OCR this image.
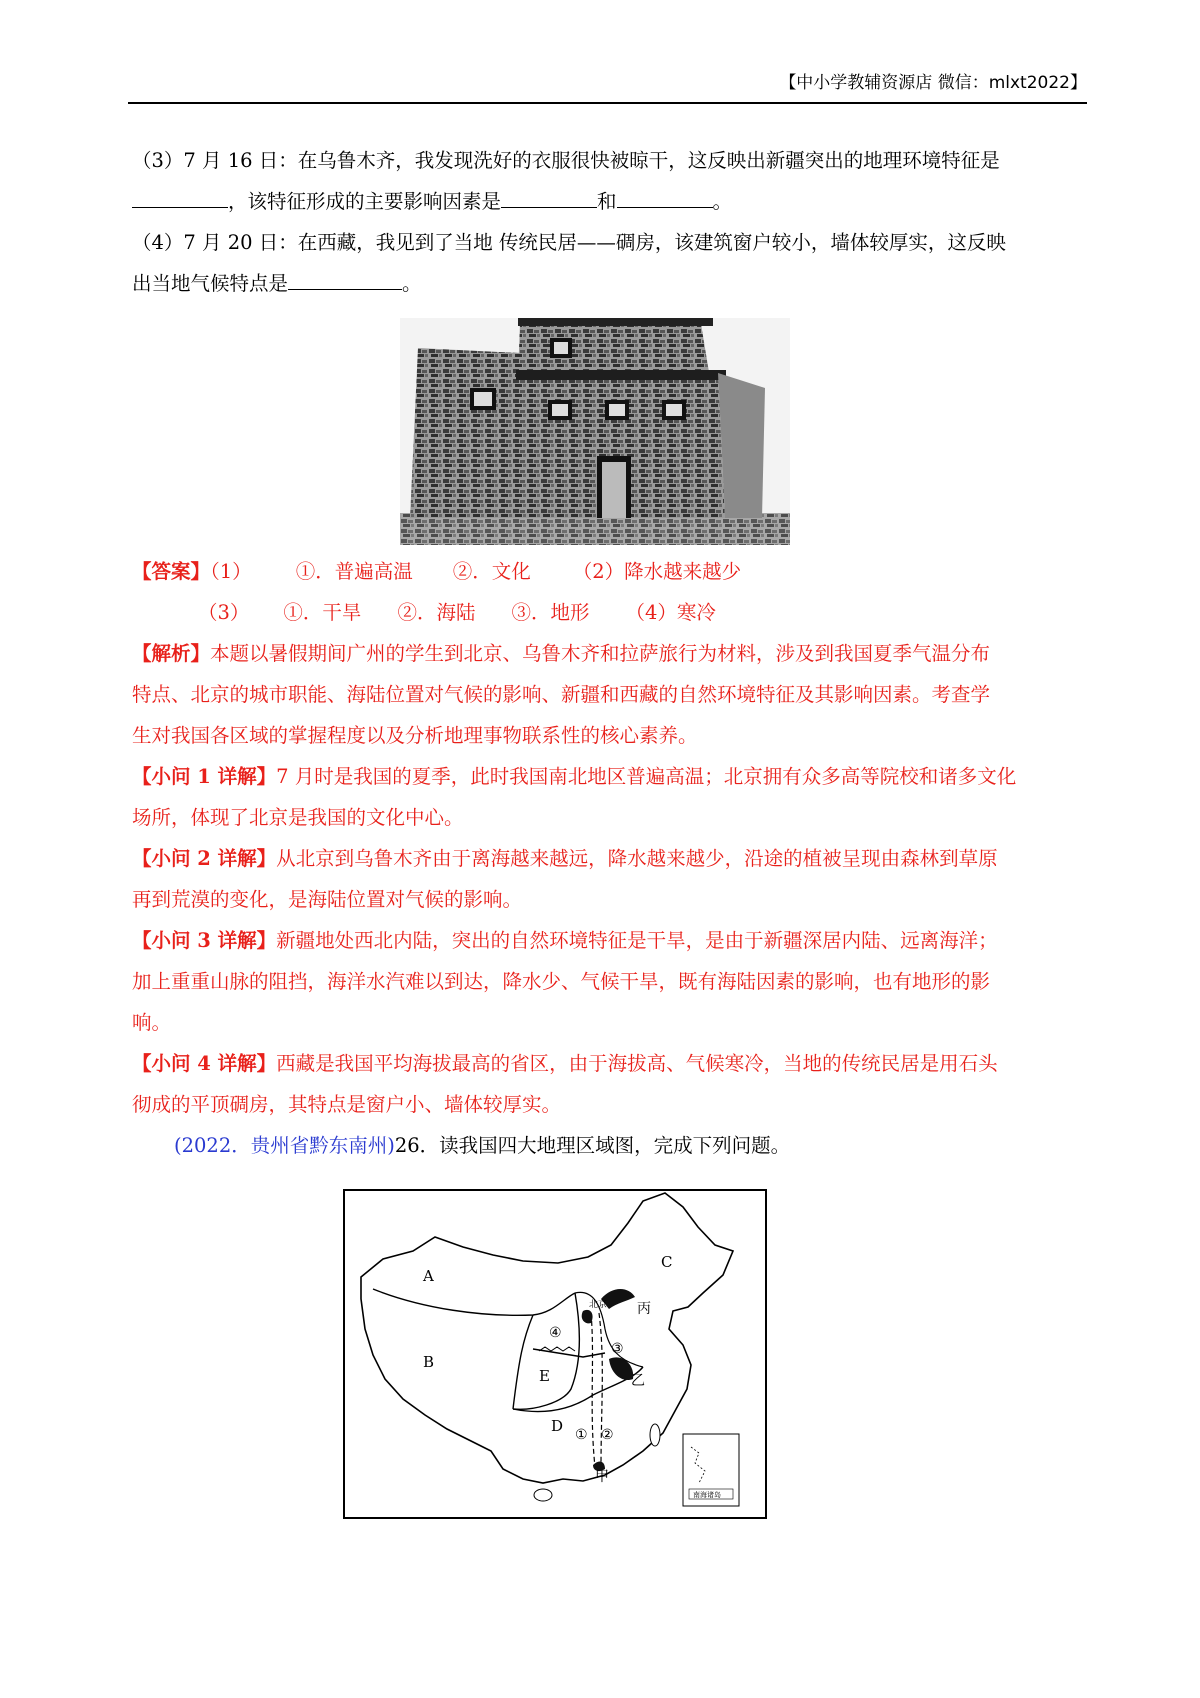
【中小学教辅资源店 微信：mlxt2022】
（3）7 月 16 日：在乌鲁木齐，我发现洗好的衣服很快被晾干，这反映出新疆突出的地理环境特征是
，该特征形成的主要影响因素是	和	。
（4）7 月 20 日：在西藏，我见到了当地 传统民居——碉房，该建筑窗户较小，墙体较厚实，这反映
出当地气候特点是	。
【答案】（1） ①．普遍高温 ②．文化 （2）降水越来越少
（3） ①．干旱 ②．海陆 ③．地形 （4）寒冷
【解析】本题以暑假期间广州的学生到北京、乌鲁木齐和拉萨旅行为材料，涉及到我国夏季气温分布
特点、北京的城市职能、海陆位置对气候的影响、新疆和西藏的自然环境特征及其影响因素。考查学
生对我国各区域的掌握程度以及分析地理事物联系性的核心素养。
【小问 1 详解】7 月时是我国的夏季，此时我国南北地区普遍高温；北京拥有众多高等院校和诸多文化
场所，体现了北京是我国的文化中心。
【小问 2 详解】从北京到乌鲁木齐由于离海越来越远，降水越来越少，沿途的植被呈现由森林到草原
再到荒漠的变化，是海陆位置对气候的影响。
【小问 3 详解】新疆地处西北内陆，突出的自然环境特征是干旱，是由于新疆深居内陆、远离海洋；
加上重重山脉的阻挡，海洋水汽难以到达，降水少、气候干旱，既有海陆因素的影响，也有地形的影
响。
【小问 4 详解】西藏是我国平均海拔最高的省区，由于海拔高、气候寒冷，当地的传统民居是用石头
彻成的平顶碉房，其特点是窗户小、墙体较厚实。
(2022．贵州省黔东南州)26．读我国四大地理区域图，完成下列问题。
A
B
C
D
E
① ②
③
④
甲
乙
丙
北京
南海诸岛
